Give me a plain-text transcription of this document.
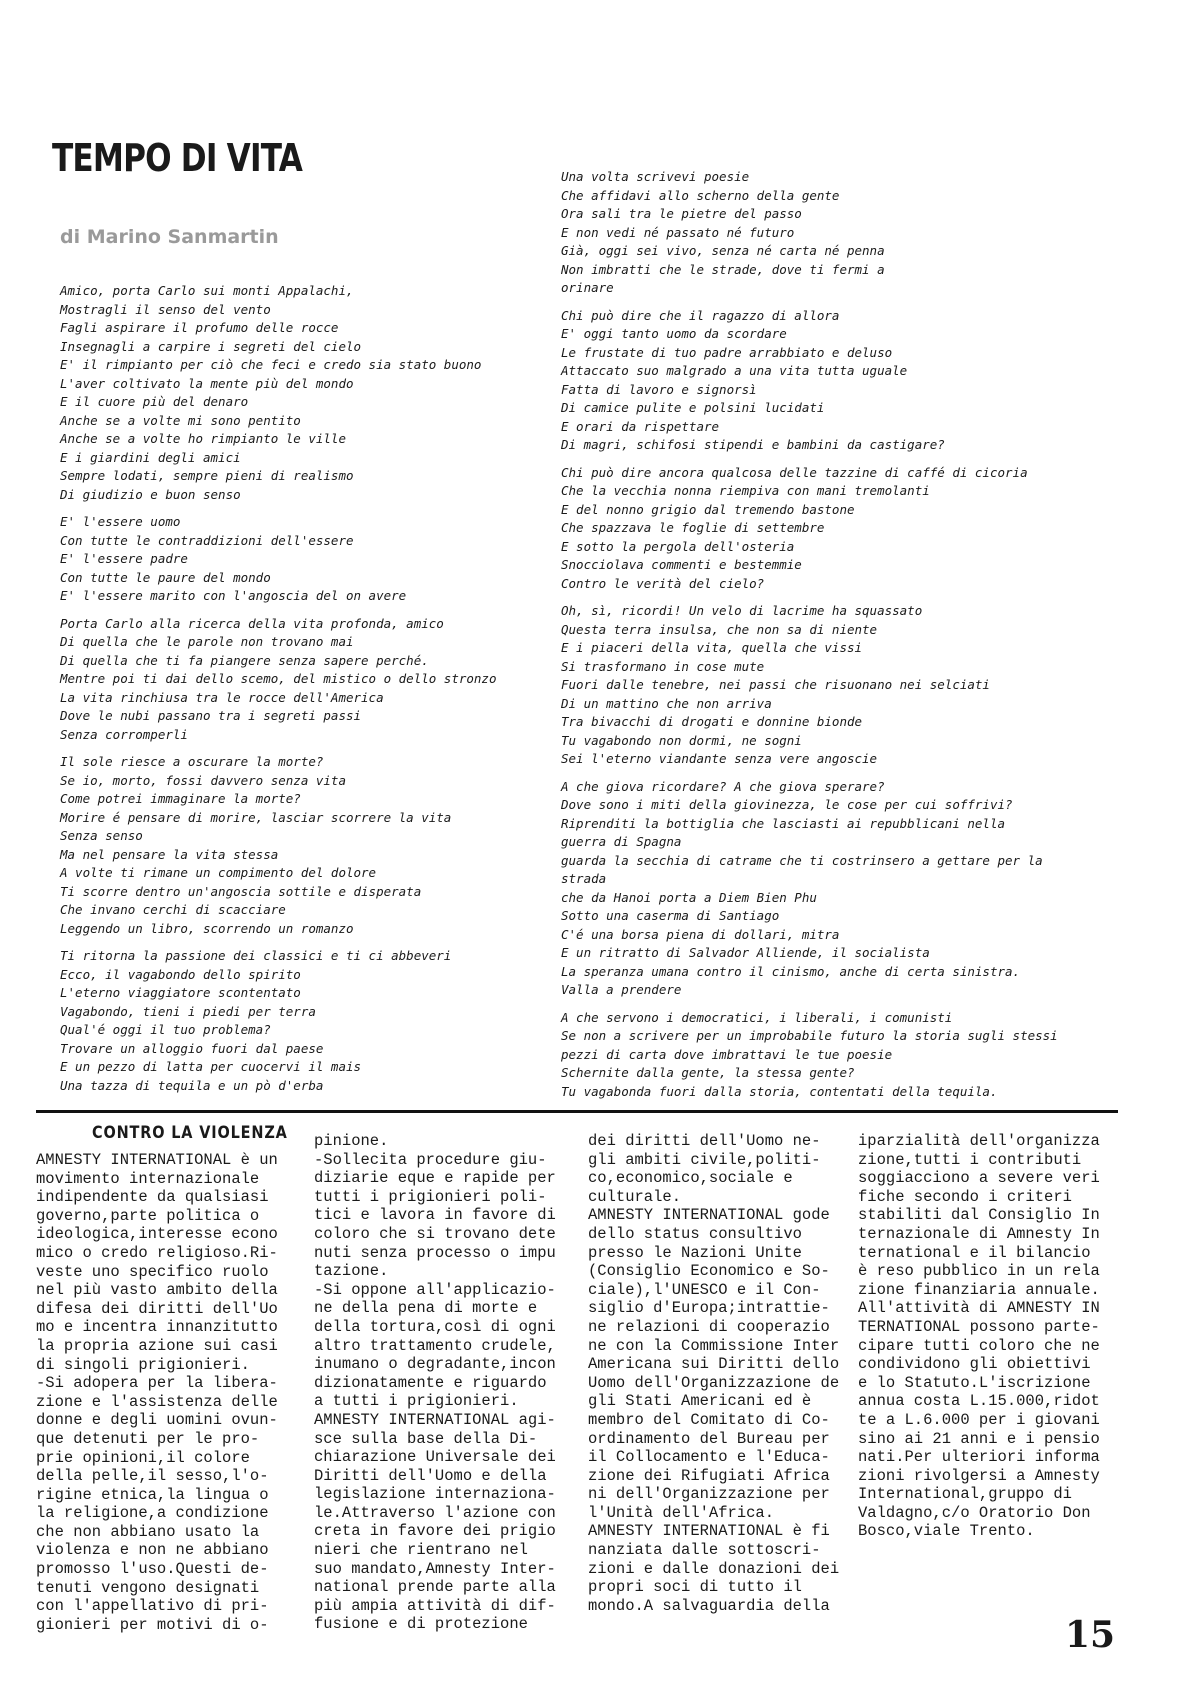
TEMPO DI VITA
di Marino Sanmartin
Amico, porta Carlo sui monti Appalachi,
Mostragli il senso del vento
Fagli aspirare il profumo delle rocce
Insegnagli a carpire i segreti del cielo
E' il rimpianto per ciò che feci e credo sia stato buono
L'aver coltivato la mente più del mondo
E il cuore più del denaro
Anche se a volte mi sono pentito
Anche se a volte ho rimpianto le ville
E i giardini degli amici
Sempre lodati, sempre pieni di realismo
Di giudizio e buon senso
E' l'essere uomo
Con tutte le contraddizioni dell'essere
E' l'essere padre
Con tutte le paure del mondo
E' l'essere marito con l'angoscia del on avere
Porta Carlo alla ricerca della vita profonda, amico
Di quella che le parole non trovano mai
Di quella che ti fa piangere senza sapere perché.
Mentre poi ti dai dello scemo, del mistico o dello stronzo
La vita rinchiusa tra le rocce dell'America
Dove le nubi passano tra i segreti passi
Senza corromperli
Il sole riesce a oscurare la morte?
Se io, morto, fossi davvero senza vita
Come potrei immaginare la morte?
Morire é pensare di morire, lasciar scorrere la vita
Senza senso
Ma nel pensare la vita stessa
A volte ti rimane un compimento del dolore
Ti scorre dentro un'angoscia sottile e disperata
Che invano cerchi di scacciare
Leggendo un libro, scorrendo un romanzo
Ti ritorna la passione dei classici e ti ci abbeveri
Ecco, il vagabondo dello spirito
L'eterno viaggiatore scontentato
Vagabondo, tieni i piedi per terra
Qual'é oggi il tuo problema?
Trovare un alloggio fuori dal paese
E un pezzo di latta per cuocervi il mais
Una tazza di tequila e un pò d'erba
Una volta scrivevi poesie
Che affidavi allo scherno della gente
Ora sali tra le pietre del passo
E non vedi né passato né futuro
Già, oggi sei vivo, senza né carta né penna
Non imbratti che le strade, dove ti fermi a
orinare
Chi può dire che il ragazzo di allora
E' oggi tanto uomo da scordare
Le frustate di tuo padre arrabbiato e deluso
Attaccato suo malgrado a una vita tutta uguale
Fatta di lavoro e signorsì
Di camice pulite e polsini lucidati
E orari da rispettare
Di magri, schifosi stipendi e bambini da castigare?
Chi può dire ancora qualcosa delle tazzine di caffé di cicoria
Che la vecchia nonna riempiva con mani tremolanti
E del nonno grigio dal tremendo bastone
Che spazzava le foglie di settembre
E sotto la pergola dell'osteria
Snocciolava commenti e bestemmie
Contro le verità del cielo?
Oh, sì, ricordi! Un velo di lacrime ha squassato
Questa terra insulsa, che non sa di niente
E i piaceri della vita, quella che vissi
Si trasformano in cose mute
Fuori dalle tenebre, nei passi che risuonano nei selciati
Di un mattino che non arriva
Tra bivacchi di drogati e donnine bionde
Tu vagabondo non dormi, ne sogni
Sei l'eterno viandante senza vere angoscie
A che giova ricordare? A che giova sperare?
Dove sono i miti della giovinezza, le cose per cui soffrivi?
Riprenditi la bottiglia che lasciasti ai repubblicani nella
guerra di Spagna
guarda la secchia di catrame che ti costrinsero a gettare per la
strada
che da Hanoi porta a Diem Bien Phu
Sotto una caserma di Santiago
C'é una borsa piena di dollari, mitra
E un ritratto di Salvador Alliende, il socialista
La speranza umana contro il cinismo, anche di certa sinistra.
Valla a prendere
A che servono i democratici, i liberali, i comunisti
Se non a scrivere per un improbabile futuro la storia sugli stessi
pezzi di carta dove imbrattavi le tue poesie
Schernite dalla gente, la stessa gente?
Tu vagabonda fuori dalla storia, contentati della tequila.
CONTRO LA VIOLENZA
AMNESTY INTERNATIONAL è un
movimento internazionale
indipendente da qualsiasi
governo,parte politica o
ideologica,interesse econo
mico o credo religioso.Ri-
veste uno specifico ruolo
nel più vasto ambito della
difesa dei diritti dell'Uo
mo e incentra innanzitutto
la propria azione sui casi
di singoli prigionieri.
-Si adopera per la libera-
zione e l'assistenza delle
donne e degli uomini ovun-
que detenuti per le pro-
prie opinioni,il colore
della pelle,il sesso,l'o-
rigine etnica,la lingua o
la religione,a condizione
che non abbiano usato la
violenza e non ne abbiano
promosso l'uso.Questi de-
tenuti vengono designati
con l'appellativo di pri-
gionieri per motivi di o-
pinione.
-Sollecita procedure giu-
diziarie eque e rapide per
tutti i prigionieri poli-
tici e lavora in favore di
coloro che si trovano dete
nuti senza processo o impu
tazione.
-Si oppone all'applicazio-
ne della pena di morte e
della tortura,così di ogni
altro trattamento crudele,
inumano o degradante,incon
dizionatamente e riguardo
a tutti i prigionieri.
AMNESTY INTERNATIONAL agi-
sce sulla base della Di-
chiarazione Universale dei
Diritti dell'Uomo e della
legislazione internaziona-
le.Attraverso l'azione con
creta in favore dei prigio
nieri che rientrano nel
suo mandato,Amnesty Inter-
national prende parte alla
più ampia attività di dif-
fusione e di protezione
dei diritti dell'Uomo ne-
gli ambiti civile,politi-
co,economico,sociale e
culturale.
AMNESTY INTERNATIONAL gode
dello status consultivo
presso le Nazioni Unite
(Consiglio Economico e So-
ciale),l'UNESCO e il Con-
siglio d'Europa;intrattie-
ne relazioni di cooperazio
ne con la Commissione Inter
Americana sui Diritti dello
Uomo dell'Organizzazione de
gli Stati Americani ed è
membro del Comitato di Co-
ordinamento del Bureau per
il Collocamento e l'Educa-
zione dei Rifugiati Africa
ni dell'Organizzazione per
l'Unità dell'Africa.
AMNESTY INTERNATIONAL è fi
nanziata dalle sottoscri-
zioni e dalle donazioni dei
propri soci di tutto il
mondo.A salvaguardia della
iparzialità dell'organizza
zione,tutti i contributi
soggiacciono a severe veri
fiche secondo i criteri
stabiliti dal Consiglio In
ternazionale di Amnesty In
ternational e il bilancio
è reso pubblico in un rela
zione finanziaria annuale.
All'attività di AMNESTY IN
TERNATIONAL possono parte-
cipare tutti coloro che ne
condividono gli obiettivi
e lo Statuto.L'iscrizione
annua costa L.15.000,ridot
te a L.6.000 per i giovani
sino ai 21 anni e i pensio
nati.Per ulteriori informa
zioni rivolgersi a Amnesty
International,gruppo di
Valdagno,c/o Oratorio Don
Bosco,viale Trento.
15
